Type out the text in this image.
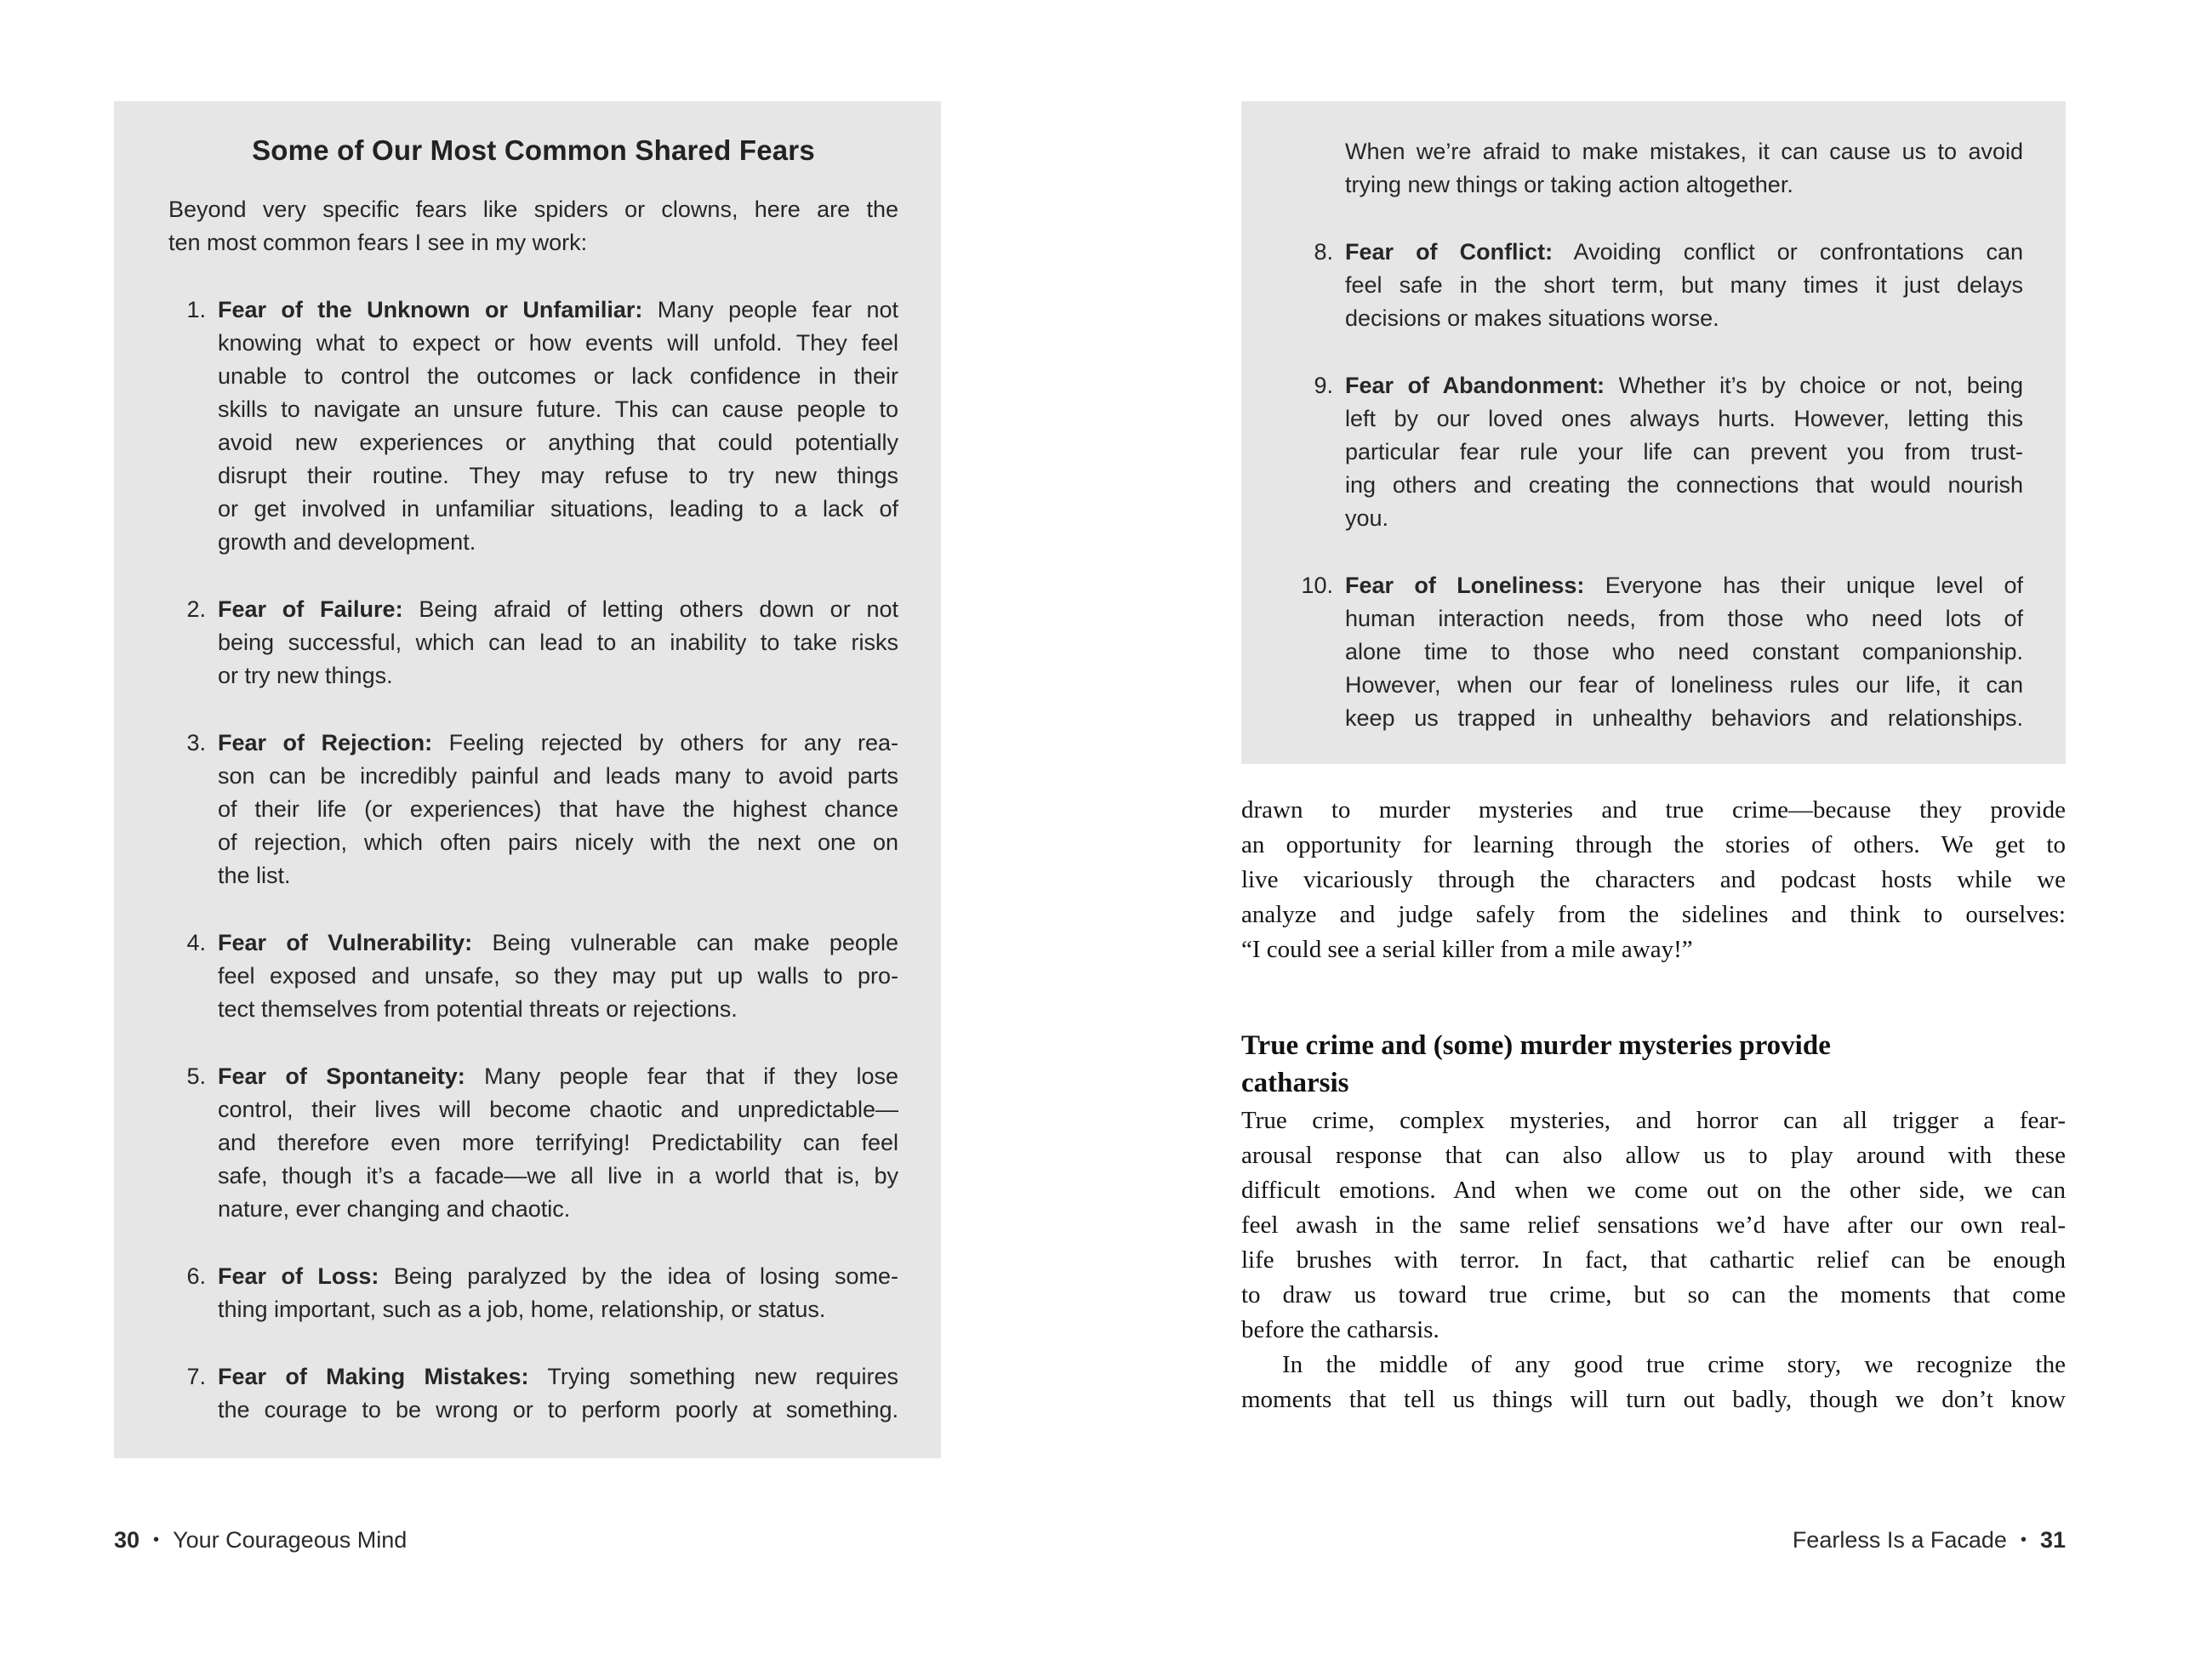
Some of Our Most Common Shared Fears
Beyond very specific fears like spiders or clowns, here are the
ten most common fears I see in my work:
1. Fear of the Unknown or Unfamiliar: Many people fear not
knowing what to expect or how events will unfold. They feel
unable to control the outcomes or lack confidence in their
skills to navigate an unsure future. This can cause people to
avoid new experiences or anything that could potentially
disrupt their routine. They may refuse to try new things
or get involved in unfamiliar situations, leading to a lack of
growth and development.
2. Fear of Failure: Being afraid of letting others down or not
being successful, which can lead to an inability to take risks
or try new things.
3. Fear of Rejection: Feeling rejected by others for any rea-
son can be incredibly painful and leads many to avoid parts
of their life (or experiences) that have the highest chance
of rejection, which often pairs nicely with the next one on
the list.
4. Fear of Vulnerability: Being vulnerable can make people
feel exposed and unsafe, so they may put up walls to pro-
tect themselves from potential threats or rejections.
5. Fear of Spontaneity: Many people fear that if they lose
control, their lives will become chaotic and unpredictable—
and therefore even more terrifying! Predictability can feel
safe, though it’s a facade—we all live in a world that is, by
nature, ever changing and chaotic.
6. Fear of Loss: Being paralyzed by the idea of losing some-
thing important, such as a job, home, relationship, or status.
7. Fear of Making Mistakes: Trying something new requires
the courage to be wrong or to perform poorly at something.
When we’re afraid to make mistakes, it can cause us to avoid
trying new things or taking action altogether.
8. Fear of Conflict: Avoiding conflict or confrontations can
feel safe in the short term, but many times it just delays
decisions or makes situations worse.
9. Fear of Abandonment: Whether it’s by choice or not, being
left by our loved ones always hurts. However, letting this
particular fear rule your life can prevent you from trust-
ing others and creating the connections that would nourish
you.
10. Fear of Loneliness: Everyone has their unique level of
human interaction needs, from those who need lots of
alone time to those who need constant companionship.
However, when our fear of loneliness rules our life, it can
keep us trapped in unhealthy behaviors and relationships.
drawn to murder mysteries and true crime—because they provide
an opportunity for learning through the stories of others. We get to
live vicariously through the characters and podcast hosts while we
analyze and judge safely from the sidelines and think to ourselves:
“I could see a serial killer from a mile away!”
True crime and (some) murder mysteries provide
catharsis
True crime, complex mysteries, and horror can all trigger a fear-
arousal response that can also allow us to play around with these
difficult emotions. And when we come out on the other side, we can
feel awash in the same relief sensations we’d have after our own real-
life brushes with terror. In fact, that cathartic relief can be enough
to draw us toward true crime, but so can the moments that come
before the catharsis.
In the middle of any good true crime story, we recognize the
moments that tell us things will turn out badly, though we don’t know
30 • Your Courageous Mind	Fearless Is a Facade • 31
